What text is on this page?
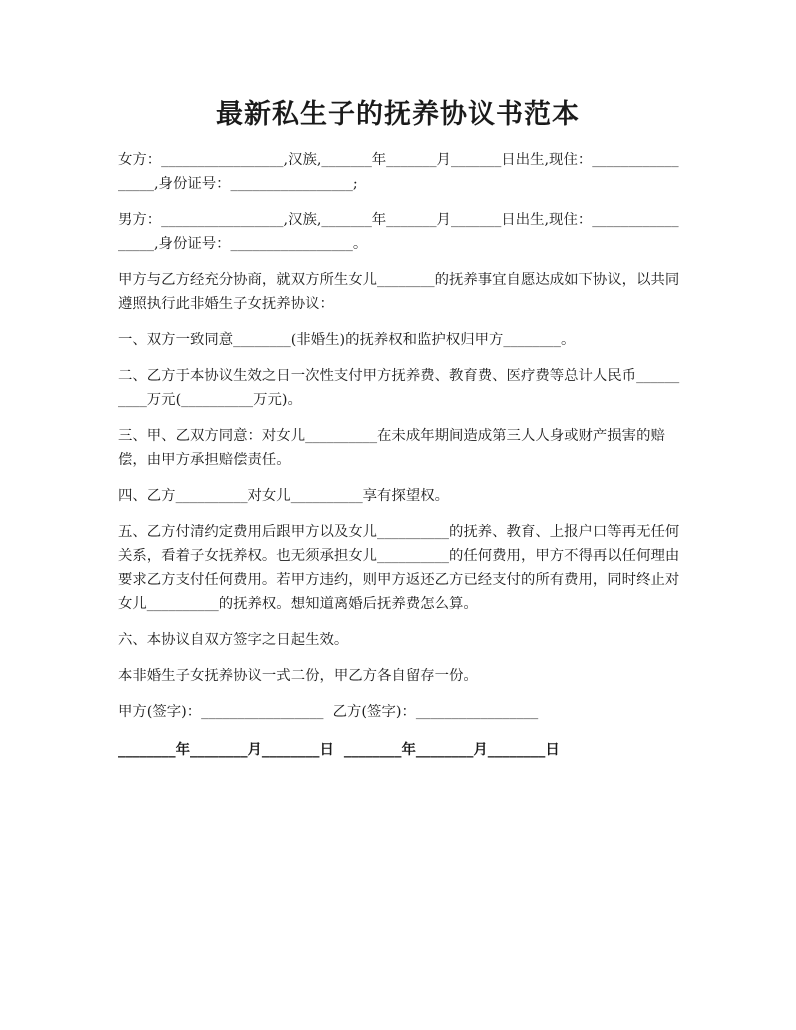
最新私生子的抚养协议书范本

女方：_________________,汉族,_______年_______月_______日出生,现住：_________________,身份证号：_________________;

男方：_________________,汉族,_______年_______月_______日出生,现住：_________________,身份证号：_________________。

甲方与乙方经充分协商，就双方所生女儿________的抚养事宜自愿达成如下协议，以共同遵照执行此非婚生子女抚养协议：

一、双方一致同意________(非婚生)的抚养权和监护权归甲方________。

二、乙方于本协议生效之日一次性支付甲方抚养费、教育费、医疗费等总计人民币__________万元(__________万元)。

三、甲、乙双方同意：对女儿__________在未成年期间造成第三人人身或财产损害的赔偿，由甲方承担赔偿责任。

四、乙方__________对女儿__________享有探望权。

五、乙方付清约定费用后跟甲方以及女儿__________的抚养、教育、上报户口等再无任何关系，看着子女抚养权。也无须承担女儿__________的任何费用，甲方不得再以任何理由要求乙方支付任何费用。若甲方违约，则甲方返还乙方已经支付的所有费用，同时终止对女儿__________的抚养权。想知道离婚后抚养费怎么算。

六、本协议自双方签字之日起生效。

本非婚生子女抚养协议一式二份，甲乙方各自留存一份。

甲方(签字)：_________________  乙方(签字)：_________________

________年________月________日  ________年________月________日
